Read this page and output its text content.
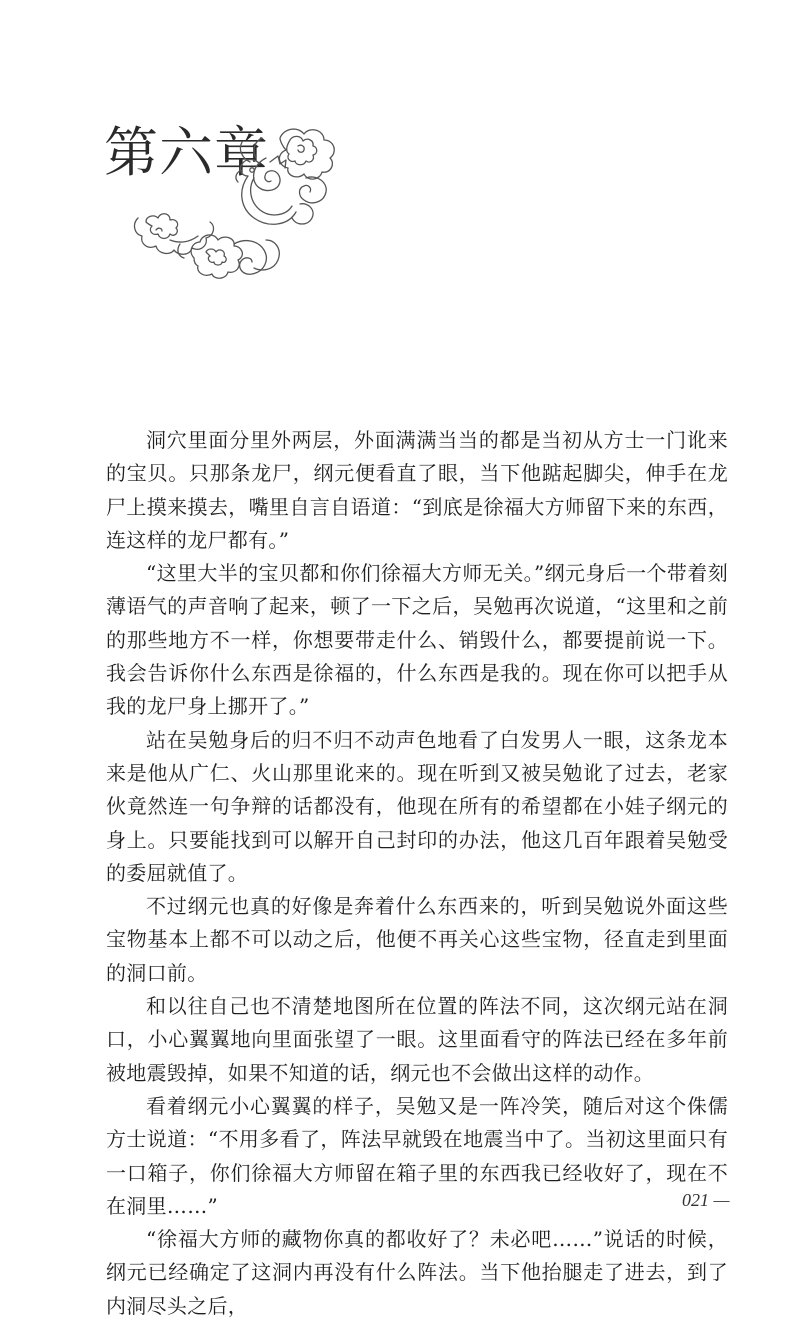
第六章

洞穴里面分里外两层，外面满满当当的都是当初从方士一门讹来的宝贝。只那条龙尸，纲元便看直了眼，当下他踮起脚尖，伸手在龙尸上摸来摸去，嘴里自言自语道：“到底是徐福大方师留下来的东西，连这样的龙尸都有。”

“这里大半的宝贝都和你们徐福大方师无关。”纲元身后一个带着刻薄语气的声音响了起来，顿了一下之后，吴勉再次说道，“这里和之前的那些地方不一样，你想要带走什么、销毁什么，都要提前说一下。我会告诉你什么东西是徐福的，什么东西是我的。现在你可以把手从我的龙尸身上挪开了。”

站在吴勉身后的归不归不动声色地看了白发男人一眼，这条龙本来是他从广仁、火山那里讹来的。现在听到又被吴勉讹了过去，老家伙竟然连一句争辩的话都没有，他现在所有的希望都在小娃子纲元的身上。只要能找到可以解开自己封印的办法，他这几百年跟着吴勉受的委屈就值了。

不过纲元也真的好像是奔着什么东西来的，听到吴勉说外面这些宝物基本上都不可以动之后，他便不再关心这些宝物，径直走到里面的洞口前。

和以往自己也不清楚地图所在位置的阵法不同，这次纲元站在洞口，小心翼翼地向里面张望了一眼。这里面看守的阵法已经在多年前被地震毁掉，如果不知道的话，纲元也不会做出这样的动作。

看着纲元小心翼翼的样子，吴勉又是一阵冷笑，随后对这个侏儒方士说道：“不用多看了，阵法早就毁在地震当中了。当初这里面只有一口箱子，你们徐福大方师留在箱子里的东西我已经收好了，现在不在洞里……”

“徐福大方师的藏物你真的都收好了？未必吧……”说话的时候，纲元已经确定了这洞内再没有什么阵法。当下他抬腿走了进去，到了内洞尽头之后，

021 —
